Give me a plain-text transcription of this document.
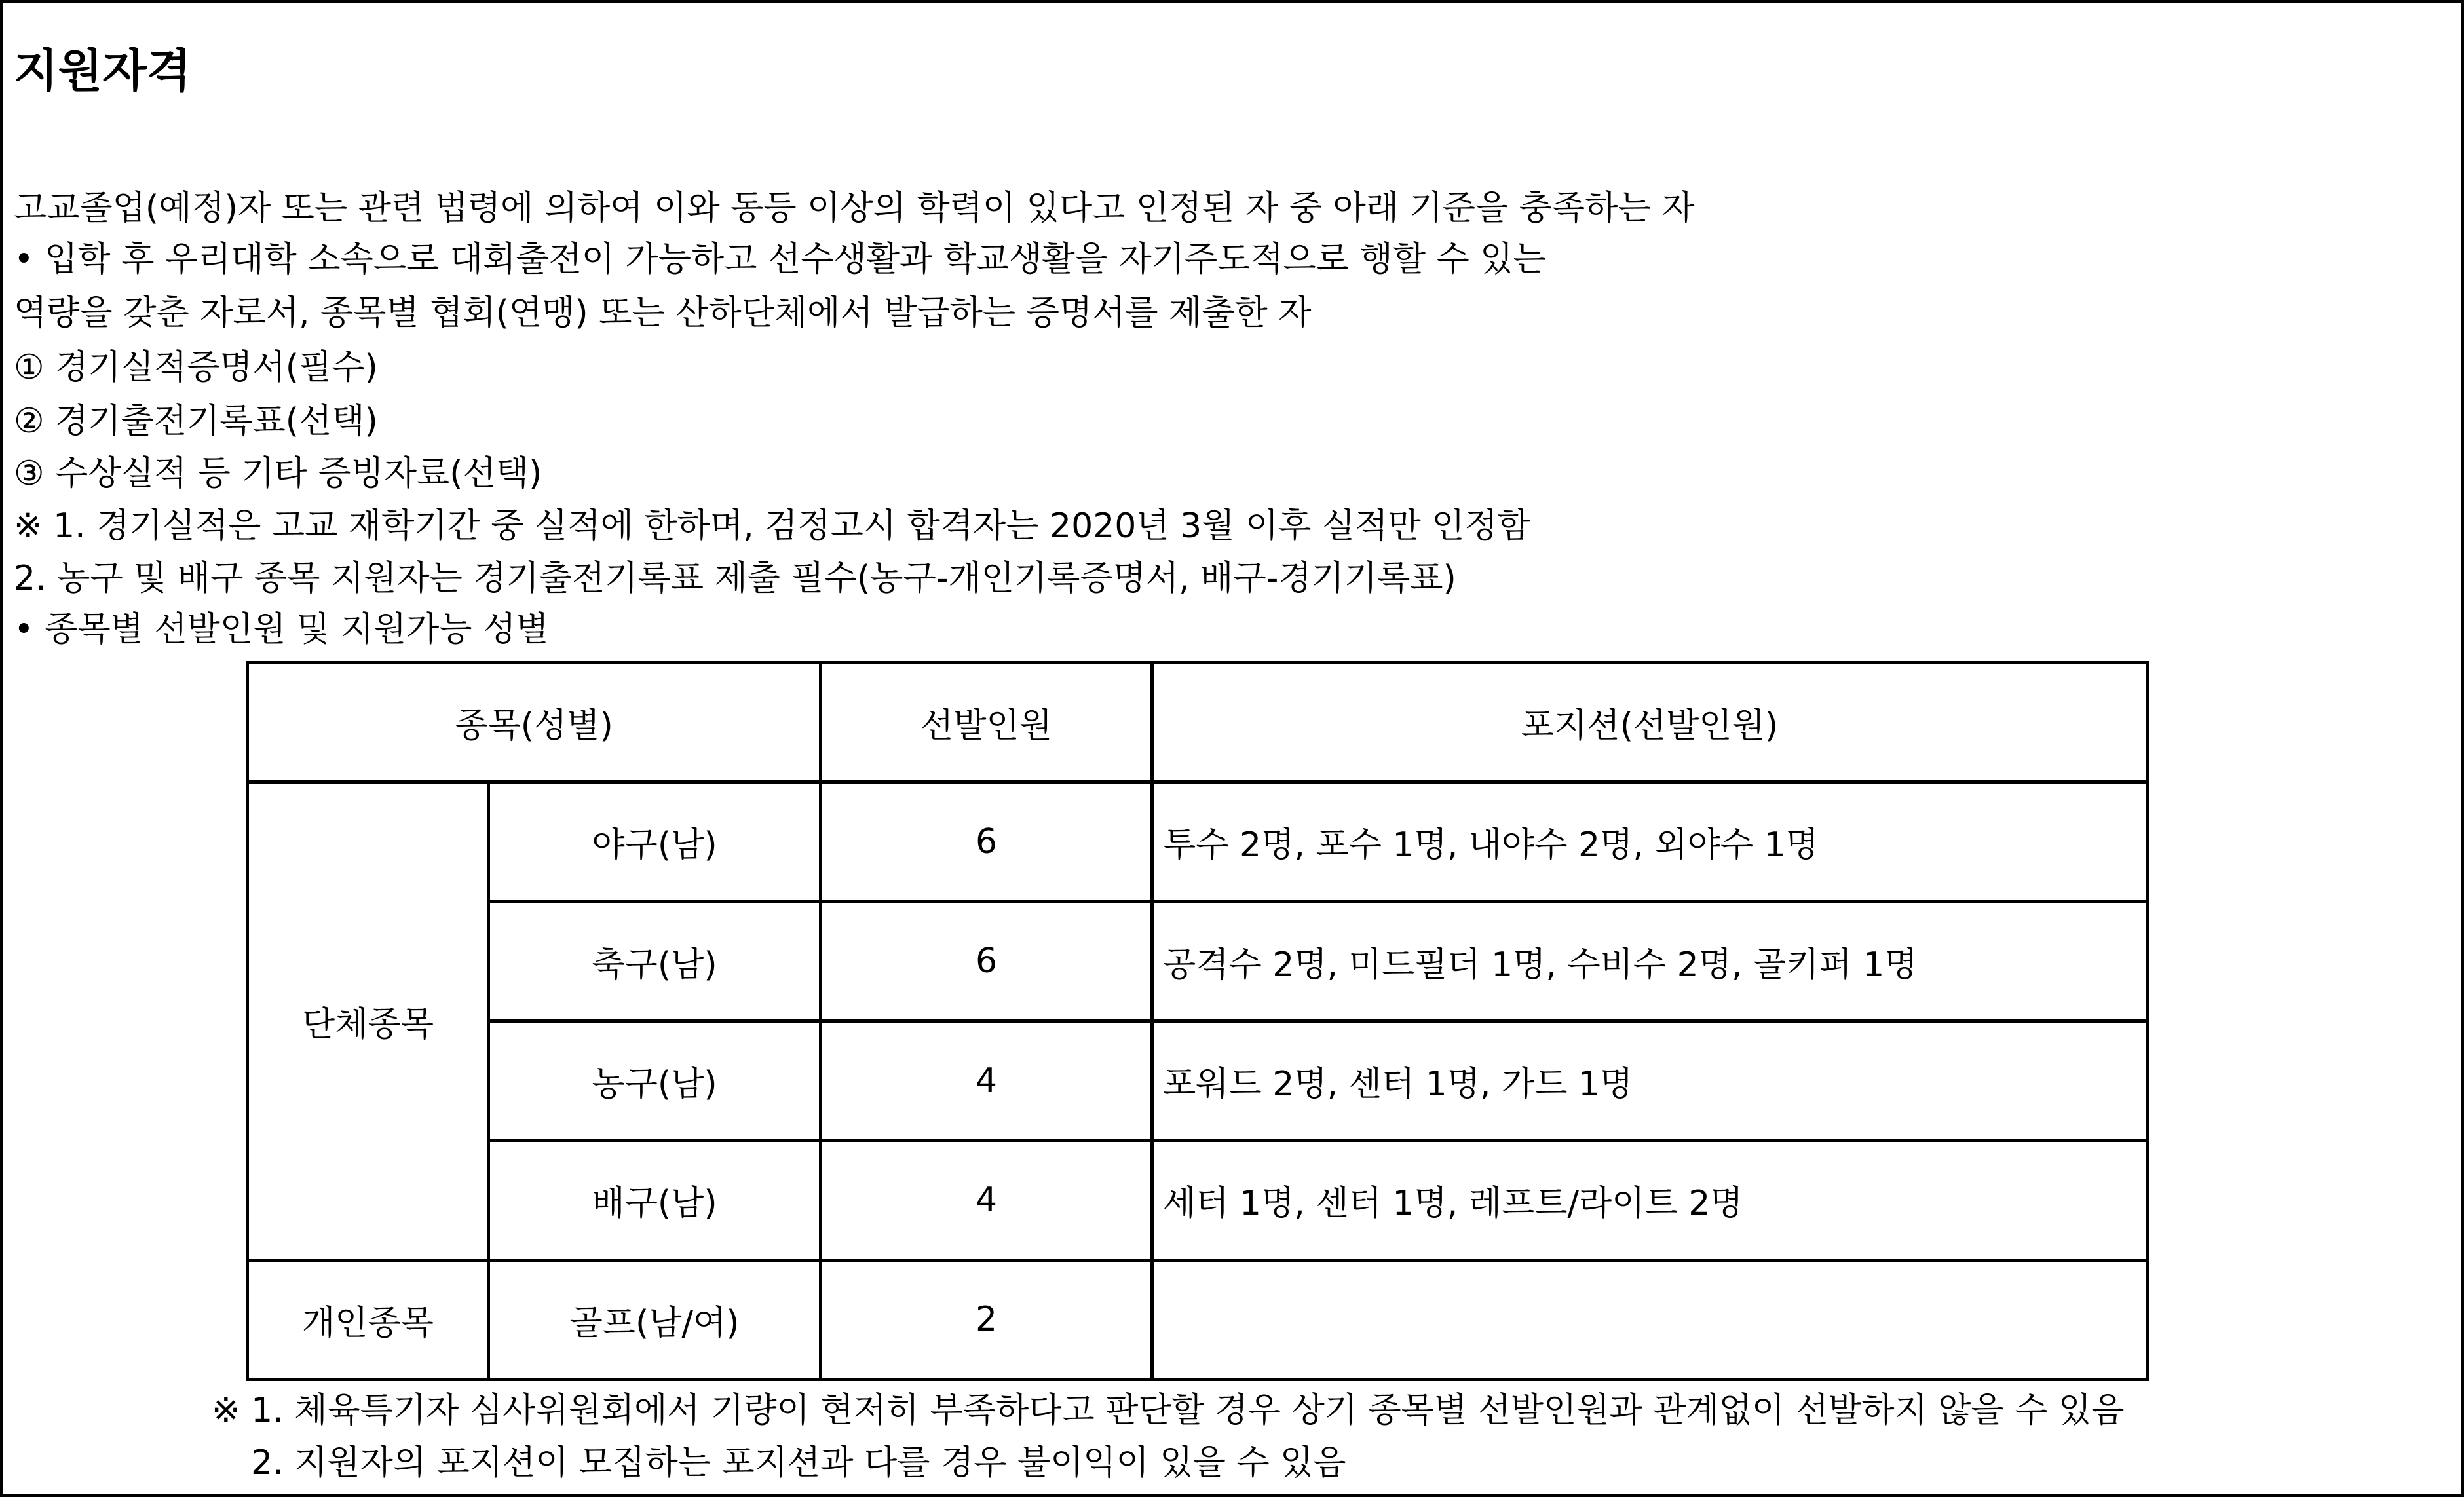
지원자격
고교졸업(예정)자 또는 관련 법령에 의하여 이와 동등 이상의 학력이 있다고 인정된 자 중 아래 기준을 충족하는 자
• 입학 후 우리대학 소속으로 대회출전이 가능하고 선수생활과 학교생활을 자기주도적으로 행할 수 있는
역량을 갖춘 자로서, 종목별 협회(연맹) 또는 산하단체에서 발급하는 증명서를 제출한 자
① 경기실적증명서(필수)
② 경기출전기록표(선택)
③ 수상실적 등 기타 증빙자료(선택)
※ 1. 경기실적은 고교 재학기간 중 실적에 한하며, 검정고시 합격자는 2020년 3월 이후 실적만 인정함
2. 농구 및 배구 종목 지원자는 경기출전기록표 제출 필수(농구-개인기록증명서, 배구-경기기록표)
• 종목별 선발인원 및 지원가능 성별
종목(성별)		선발인원	포지션(선발인원)
단체종목	야구(남)	6	투수 2명, 포수 1명, 내야수 2명, 외야수 1명
	축구(남)	6	공격수 2명, 미드필더 1명, 수비수 2명, 골키퍼 1명
	농구(남)	4	포워드 2명, 센터 1명, 가드 1명
	배구(남)	4	세터 1명, 센터 1명, 레프트/라이트 2명
개인종목	골프(남/여)	2	
※ 1. 체육특기자 심사위원회에서 기량이 현저히 부족하다고 판단할 경우 상기 종목별 선발인원과 관계없이 선발하지 않을 수 있음
2. 지원자의 포지션이 모집하는 포지션과 다를 경우 불이익이 있을 수 있음
